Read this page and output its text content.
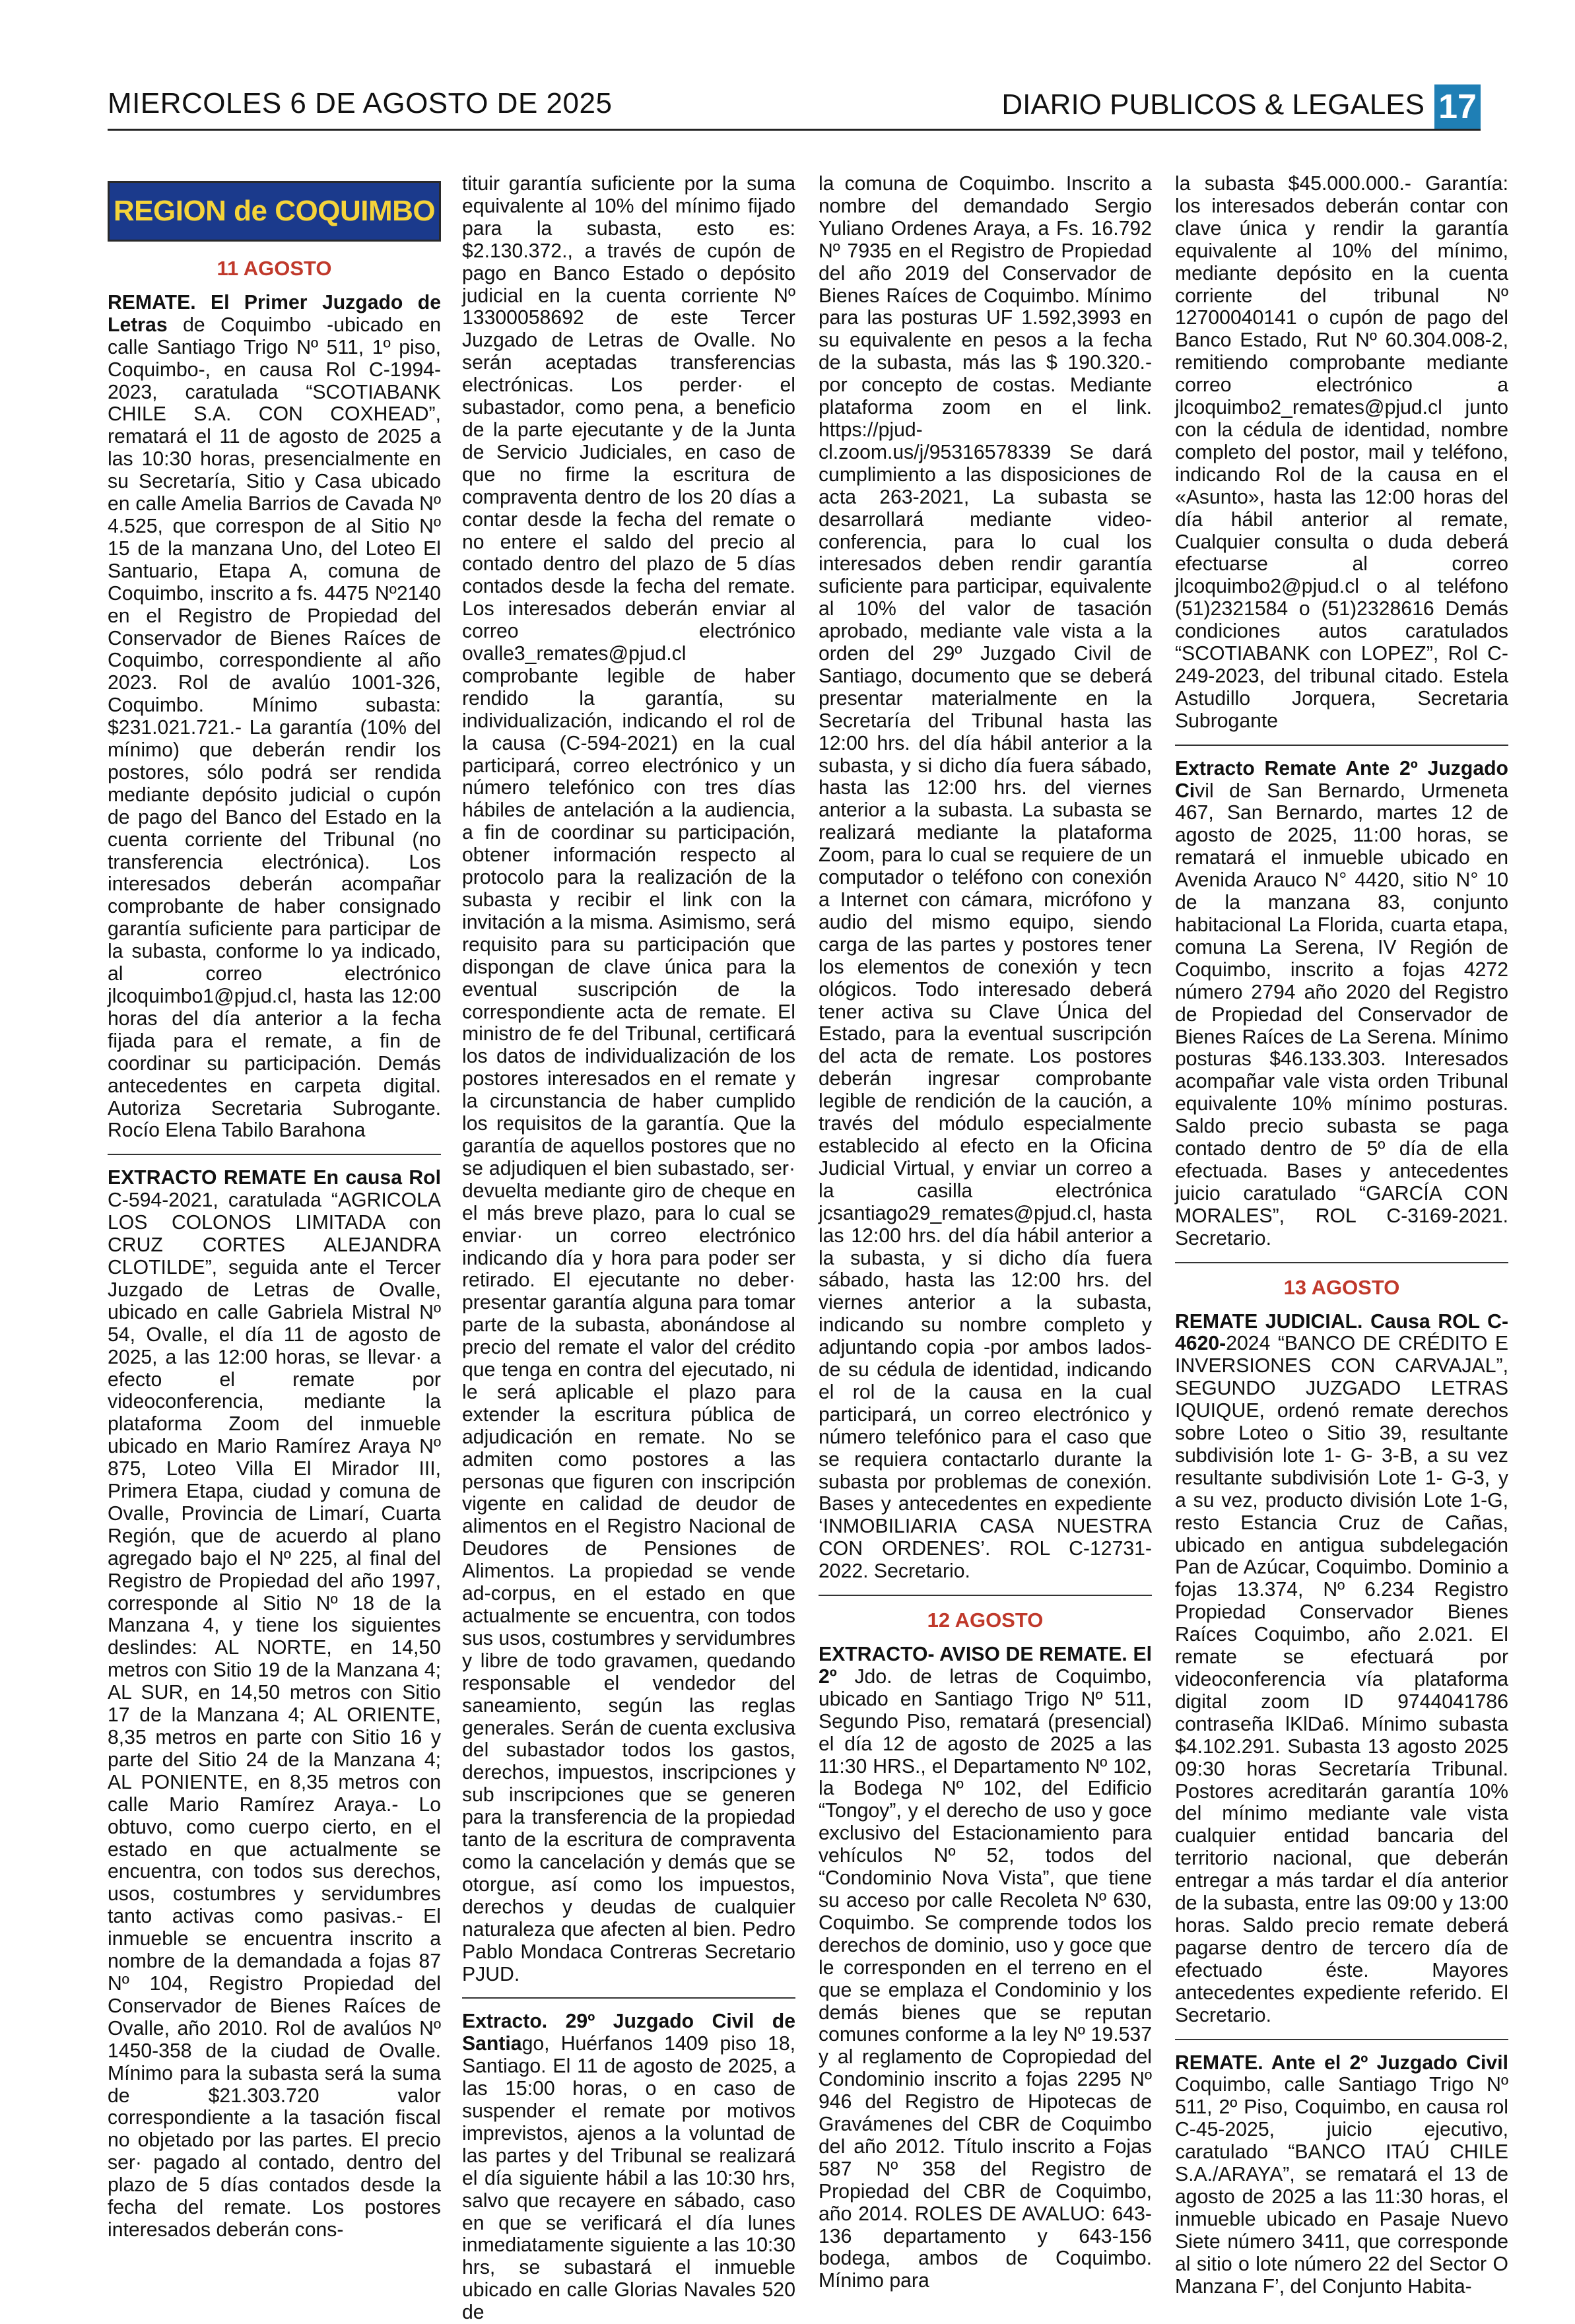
MIERCOLES 6 DE AGOSTO DE 2025	DIARIO PUBLICOS & LEGALES 17
REGION de COQUIMBO
11 AGOSTO

REMATE. El Primer Juzgado de Letras de Coquimbo -ubicado en calle Santiago Trigo Nº 511, 1º piso, Coquimbo-, en causa Rol C-1994-2023, caratulada “SCOTIABANK CHILE S.A. CON COXHEAD”, rematará el 11 de agosto de 2025 a las 10:30 horas, presencialmente en su Secretaría, Sitio y Casa ubicado en calle Amelia Barrios de Cavada Nº 4.525, que correspon de al Sitio Nº 15 de la manzana Uno, del Loteo El Santuario, Etapa A, comuna de Coquimbo, inscrito a fs. 4475 Nº2140 en el Registro de Propiedad del Conservador de Bienes Raíces de Coquimbo, correspondiente al año 2023. Rol de avalúo 1001-326, Coquimbo. Mínimo subasta: $231.021.721.- La garantía (10% del mínimo) que deberán rendir los postores, sólo podrá ser rendida mediante depósito judicial o cupón de pago del Banco del Estado en la cuenta corriente del Tribunal (no transferencia electrónica). Los interesados deberán acompañar comprobante de haber consignado garantía suficiente para participar de la subasta, conforme lo ya indicado, al correo electrónico jlcoquimbo1@pjud.cl, hasta las 12:00 horas del día anterior a la fecha fijada para el remate, a fin de coordinar su participación. Demás antecedentes en carpeta digital. Autoriza Secretaria Subrogante. Rocío Elena Tabilo Barahona

EXTRACTO REMATE En causa Rol C-594-2021, caratulada “AGRICOLA LOS COLONOS LIMITADA con CRUZ CORTES ALEJANDRA CLOTILDE”, seguida ante el Tercer Juzgado de Letras de Ovalle, ubicado en calle Gabriela Mistral Nº 54, Ovalle, el día 11 de agosto de 2025, a las 12:00 horas, se llevar· a efecto el remate por videoconferencia, mediante la plataforma Zoom del inmueble ubicado en Mario Ramírez Araya Nº 875, Loteo Villa El Mirador III, Primera Etapa, ciudad y comuna de Ovalle, Provincia de Limarí, Cuarta Región, que de acuerdo al plano agregado bajo el Nº 225, al final del Registro de Propiedad del año 1997, corresponde al Sitio Nº 18 de la Manzana 4, y tiene los siguientes deslindes: AL NORTE, en 14,50 metros con Sitio 19 de la Manzana 4; AL SUR, en 14,50 metros con Sitio 17 de la Manzana 4; AL ORIENTE, 8,35 metros en parte con Sitio 16 y parte del Sitio 24 de la Manzana 4; AL PONIENTE, en 8,35 metros con calle Mario Ramírez Araya.- Lo obtuvo, como cuerpo cierto, en el estado en que actualmente se encuentra, con todos sus derechos, usos, costumbres y servidumbres tanto activas como pasivas.- El inmueble se encuentra inscrito a nombre de la demandada a fojas 87 Nº 104, Registro Propiedad del Conservador de Bienes Raíces de Ovalle, año 2010. Rol de avalúos Nº 1450-358 de la ciudad de Ovalle. Mínimo para la subasta será la suma de $21.303.720 valor correspondiente a la tasación fiscal no objetado por las partes. El precio ser· pagado al contado, dentro del plazo de 5 días contados desde la fecha del remate. Los postores interesados deberán cons-

tituir garantía suficiente por la suma equivalente al 10% del mínimo fijado para la subasta, esto es: $2.130.372., a través de cupón de pago en Banco Estado o depósito judicial en la cuenta corriente Nº 13300058692 de este Tercer Juzgado de Letras de Ovalle. No serán aceptadas transferencias electrónicas. Los perder· el subastador, como pena, a beneficio de la parte ejecutante y de la Junta de Servicio Judiciales, en caso de que no firme la escritura de compraventa dentro de los 20 días a contar desde la fecha del remate o no entere el saldo del precio al contado dentro del plazo de 5 días contados desde la fecha del remate. Los interesados deberán enviar al correo electrónico ovalle3_remates@pjud.cl comprobante legible de haber rendido la garantía, su individualización, indicando el rol de la causa (C-594-2021) en la cual participará, correo electrónico y un número telefónico con tres días hábiles de antelación a la audiencia, a fin de coordinar su participación, obtener información respecto al protocolo para la realización de la subasta y recibir el link con la invitación a la misma. Asimismo, será requisito para su participación que dispongan de clave única para la eventual suscripción de la correspondiente acta de remate. El ministro de fe del Tribunal, certificará los datos de individualización de los postores interesados en el remate y la circunstancia de haber cumplido los requisitos de la garantía. Que la garantía de aquellos postores que no se adjudiquen el bien subastado, ser· devuelta mediante giro de cheque en el más breve plazo, para lo cual se enviar· un correo electrónico indicando día y hora para poder ser retirado. El ejecutante no deber· presentar garantía alguna para tomar parte de la subasta, abonándose al precio del remate el valor del crédito que tenga en contra del ejecutado, ni le será aplicable el plazo para extender la escritura pública de adjudicación en remate. No se admiten como postores a las personas que figuren con inscripción vigente en calidad de deudor de alimentos en el Registro Nacional de Deudores de Pensiones de Alimentos. La propiedad se vende ad-corpus, en el estado en que actualmente se encuentra, con todos sus usos, costumbres y servidumbres y libre de todo gravamen, quedando responsable el vendedor del saneamiento, según las reglas generales. Serán de cuenta exclusiva del subastador todos los gastos, derechos, impuestos, inscripciones y sub inscripciones que se generen para la transferencia de la propiedad tanto de la escritura de compraventa como la cancelación y demás que se otorgue, así como los impuestos, derechos y deudas de cualquier naturaleza que afecten al bien. Pedro Pablo Mondaca Contreras Secretario PJUD.

Extracto. 29º Juzgado Civil de Santiago, Huérfanos 1409 piso 18, Santiago. El 11 de agosto de 2025, a las 15:00 horas, o en caso de suspender el remate por motivos imprevistos, ajenos a la voluntad de las partes y del Tribunal se realizará el día siguiente hábil a las 10:30 hrs, salvo que recayere en sábado, caso en que se verificará el día lunes inmediatamente siguiente a las 10:30 hrs, se subastará el inmueble ubicado en calle Glorias Navales 520 de

la comuna de Coquimbo. Inscrito a nombre del demandado Sergio Yuliano Ordenes Araya, a Fs. 16.792 Nº 7935 en el Registro de Propiedad del año 2019 del Conservador de Bienes Raíces de Coquimbo. Mínimo para las posturas UF 1.592,3993 en su equivalente en pesos a la fecha de la subasta, más las $ 190.320.- por concepto de costas. Mediante plataforma zoom en el link. https://pjud-cl.zoom.us/j/95316578339 Se dará cumplimiento a las disposiciones de acta 263-2021, La subasta se desarrollará mediante video-conferencia, para lo cual los interesados deben rendir garantía suficiente para participar, equivalente al 10% del valor de tasación aprobado, mediante vale vista a la orden del 29º Juzgado Civil de Santiago, documento que se deberá presentar materialmente en la Secretaría del Tribunal hasta las 12:00 hrs. del día hábil anterior a la subasta, y si dicho día fuera sábado, hasta las 12:00 hrs. del viernes anterior a la subasta. La subasta se realizará mediante la plataforma Zoom, para lo cual se requiere de un computador o teléfono con conexión a Internet con cámara, micrófono y audio del mismo equipo, siendo carga de las partes y postores tener los elementos de conexión y tecn ológicos. Todo interesado deberá tener activa su Clave Única del Estado, para la eventual suscripción del acta de remate. Los postores deberán ingresar comprobante legible de rendición de la caución, a través del módulo especialmente establecido al efecto en la Oficina Judicial Virtual, y enviar un correo a la casilla electrónica jcsantiago29_remates@pjud.cl, hasta las 12:00 hrs. del día hábil anterior a la subasta, y si dicho día fuera sábado, hasta las 12:00 hrs. del viernes anterior a la subasta, indicando su nombre completo y adjuntando copia -por ambos lados- de su cédula de identidad, indicando el rol de la causa en la cual participará, un correo electrónico y número telefónico para el caso que se requiera contactarlo durante la subasta por problemas de conexión. Bases y antecedentes en expediente ‘INMOBILIARIA CASA NUESTRA CON ORDENES’. ROL C-12731-2022. Secretario.

12 AGOSTO

EXTRACTO- AVISO DE REMATE. El 2º Jdo. de letras de Coquimbo, ubicado en Santiago Trigo Nº 511, Segundo Piso, rematará (presencial) el día 12 de agosto de 2025 a las 11:30 HRS., el Departamento Nº 102, la Bodega Nº 102, del Edificio “Tongoy”, y el derecho de uso y goce exclusivo del Estacionamiento para vehículos Nº 52, todos del “Condominio Nova Vista”, que tiene su acceso por calle Recoleta Nº 630, Coquimbo. Se comprende todos los derechos de dominio, uso y goce que le corresponden en el terreno en el que se emplaza el Condominio y los demás bienes que se reputan comunes conforme a la ley Nº 19.537 y al reglamento de Copropiedad del Condominio inscrito a fojas 2295 Nº 946 del Registro de Hipotecas de Gravámenes del CBR de Coquimbo del año 2012. Título inscrito a Fojas 587 Nº 358 del Registro de Propiedad del CBR de Coquimbo, año 2014. ROLES DE AVALUO: 643-136 departamento y 643-156 bodega, ambos de Coquimbo. Mínimo para

la subasta $45.000.000.- Garantía: los interesados deberán contar con clave única y rendir la garantía equivalente al 10% del mínimo, mediante depósito en la cuenta corriente del tribunal Nº 12700040141 o cupón de pago del Banco Estado, Rut Nº 60.304.008-2, remitiendo comprobante mediante correo electrónico a jlcoquimbo2_remates@pjud.cl junto con la cédula de identidad, nombre completo del postor, mail y teléfono, indicando Rol de la causa en el «Asunto», hasta las 12:00 horas del día hábil anterior al remate, Cualquier consulta o duda deberá efectuarse al correo jlcoquimbo2@pjud.cl o al teléfono (51)2321584 o (51)2328616 Demás condiciones autos caratulados “SCOTIABANK con LOPEZ”, Rol C-249-2023, del tribunal citado. Estela Astudillo Jorquera, Secretaria Subrogante

Extracto Remate Ante 2º Juzgado Civil de San Bernardo, Urmeneta 467, San Bernardo, martes 12 de agosto de 2025, 11:00 horas, se rematará el inmueble ubicado en Avenida Arauco N° 4420, sitio N° 10 de la manzana 83, conjunto habitacional La Florida, cuarta etapa, comuna La Serena, IV Región de Coquimbo, inscrito a fojas 4272 número 2794 año 2020 del Registro de Propiedad del Conservador de Bienes Raíces de La Serena. Mínimo posturas $46.133.303. Interesados acompañar vale vista orden Tribunal equivalente 10% mínimo posturas. Saldo precio subasta se paga contado dentro de 5º día de ella efectuada. Bases y antecedentes juicio caratulado “GARCÍA CON MORALES”, ROL C-3169-2021. Secretario.

13 AGOSTO

REMATE JUDICIAL. Causa ROL C-4620-2024 “BANCO DE CRÉDITO E INVERSIONES CON CARVAJAL”, SEGUNDO JUZGADO LETRAS IQUIQUE, ordenó remate derechos sobre Loteo o Sitio 39, resultante subdivisión lote 1- G- 3-B, a su vez resultante subdivisión Lote 1- G-3, y a su vez, producto división Lote 1-G, resto Estancia Cruz de Cañas, ubicado en antigua subdelegación Pan de Azúcar, Coquimbo. Dominio a fojas 13.374, Nº 6.234 Registro Propiedad Conservador Bienes Raíces Coquimbo, año 2.021. El remate se efectuará por videoconferencia vía plataforma digital zoom ID 9744041786 contraseña lKlDa6. Mínimo subasta $4.102.291. Subasta 13 agosto 2025 09:30 horas Secretaría Tribunal. Postores acreditarán garantía 10% del mínimo mediante vale vista cualquier entidad bancaria del territorio nacional, que deberán entregar a más tardar el día anterior de la subasta, entre las 09:00 y 13:00 horas. Saldo precio remate deberá pagarse dentro de tercero día de efectuado éste. Mayores antecedentes expediente referido. El Secretario.

REMATE. Ante el 2º Juzgado Civil Coquimbo, calle Santiago Trigo Nº 511, 2º Piso, Coquimbo, en causa rol C-45-2025, juicio ejecutivo, caratulado “BANCO ITAÚ CHILE S.A./ARAYA”, se rematará el 13 de agosto de 2025 a las 11:30 horas, el inmueble ubicado en Pasaje Nuevo Siete número 3411, que corresponde al sitio o lote número 22 del Sector O Manzana F’, del Conjunto Habita-
